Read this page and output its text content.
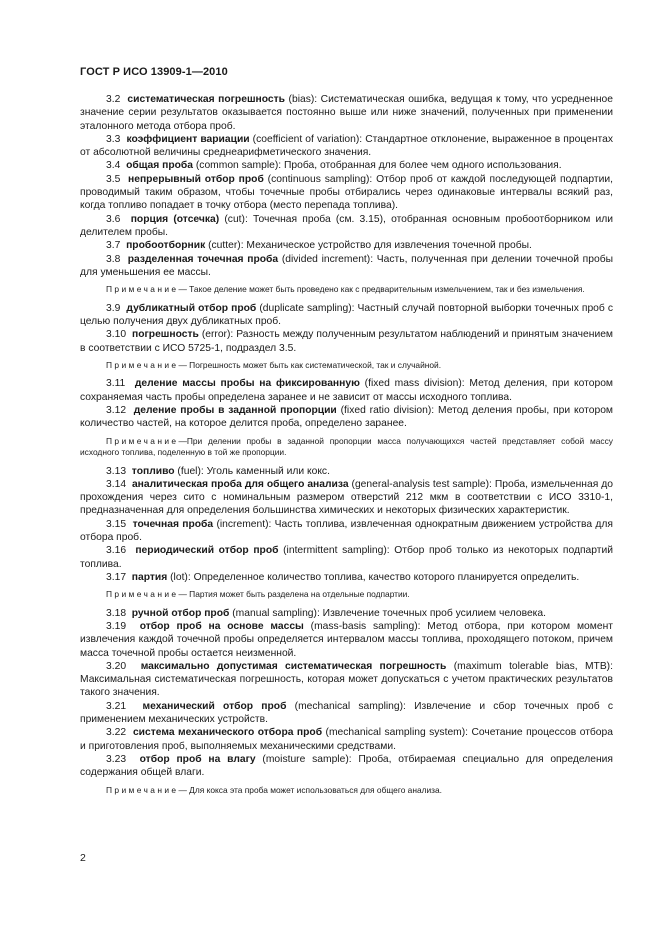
ГОСТ Р ИСО 13909-1—2010

3.2 систематическая погрешность (bias): Систематическая ошибка, ведущая к тому, что усредненное значение серии результатов оказывается постоянно выше или ниже значений, полученных при применении эталонного метода отбора проб.

3.3 коэффициент вариации (coefficient of variation): Стандартное отклонение, выраженное в процентах от абсолютной величины среднеарифметического значения.

3.4 общая проба (common sample): Проба, отобранная для более чем одного использования.

3.5 непрерывный отбор проб (continuous sampling): Отбор проб от каждой последующей подпартии, проводимый таким образом, чтобы точечные пробы отбирались через одинаковые интервалы всякий раз, когда топливо попадает в точку отбора (место перепада топлива).

3.6 порция (отсечка) (cut): Точечная проба (см. 3.15), отобранная основным пробоотборником или делителем пробы.

3.7 пробоотборник (cutter): Механическое устройство для извлечения точечной пробы.

3.8 разделенная точечная проба (divided increment): Часть, полученная при делении точечной пробы для уменьшения ее массы.

Примечание— Такое деление может быть проведено как с предварительным измельчением, так и без измельчения.

3.9 дубликатный отбор проб (duplicate sampling): Частный случай повторной выборки точечных проб с целью получения двух дубликатных проб.

3.10 погрешность (error): Разность между полученным результатом наблюдений и принятым значением в соответствии с ИСО 5725-1, подраздел 3.5.

Примечание— Погрешность может быть как систематической, так и случайной.

3.11 деление массы пробы на фиксированную (fixed mass division): Метод деления, при котором сохраняемая часть пробы определена заранее и не зависит от массы исходного топлива.

3.12 деление пробы в заданной пропорции (fixed ratio division): Метод деления пробы, при котором количество частей, на которое делится проба, определено заранее.

Примечание—При делении пробы в заданной пропорции масса получающихся частей представляет собой массу исходного топлива, поделенную в той же пропорции.

3.13 топливо (fuel): Уголь каменный или кокс.

3.14 аналитическая проба для общего анализа (general-analysis test sample): Проба, измельченная до прохождения через сито с номинальным размером отверстий 212 мкм в соответствии с ИСО 3310-1, предназначенная для определения большинства химических и некоторых физических характеристик.

3.15 точечная проба (increment): Часть топлива, извлеченная однократным движением устройства для отбора проб.

3.16 периодический отбор проб (intermittent sampling): Отбор проб только из некоторых подпартий топлива.

3.17 партия (lot): Определенное количество топлива, качество которого планируется определить.

Примечание— Партия может быть разделена на отдельные подпартии.

3.18 ручной отбор проб (manual sampling): Извлечение точечных проб усилием человека.

3.19 отбор проб на основе массы (mass-basis sampling): Метод отбора, при котором момент извлечения каждой точечной пробы определяется интервалом массы топлива, проходящего потоком, причем масса точечной пробы остается неизменной.

3.20 максимально допустимая систематическая погрешность (maximum tolerable bias, МТВ): Максимальная систематическая погрешность, которая может допускаться с учетом практических результатов такого значения.

3.21 механический отбор проб (mechanical sampling): Извлечение и сбор точечных проб с применением механических устройств.

3.22 система механического отбора проб (mechanical sampling system): Сочетание процессов отбора и приготовления проб, выполняемых механическими средствами.

3.23 отбор проб на влагу (moisture sample): Проба, отбираемая специально для определения содержания общей влаги.

Примечание— Для кокса эта проба может использоваться для общего анализа.

2
